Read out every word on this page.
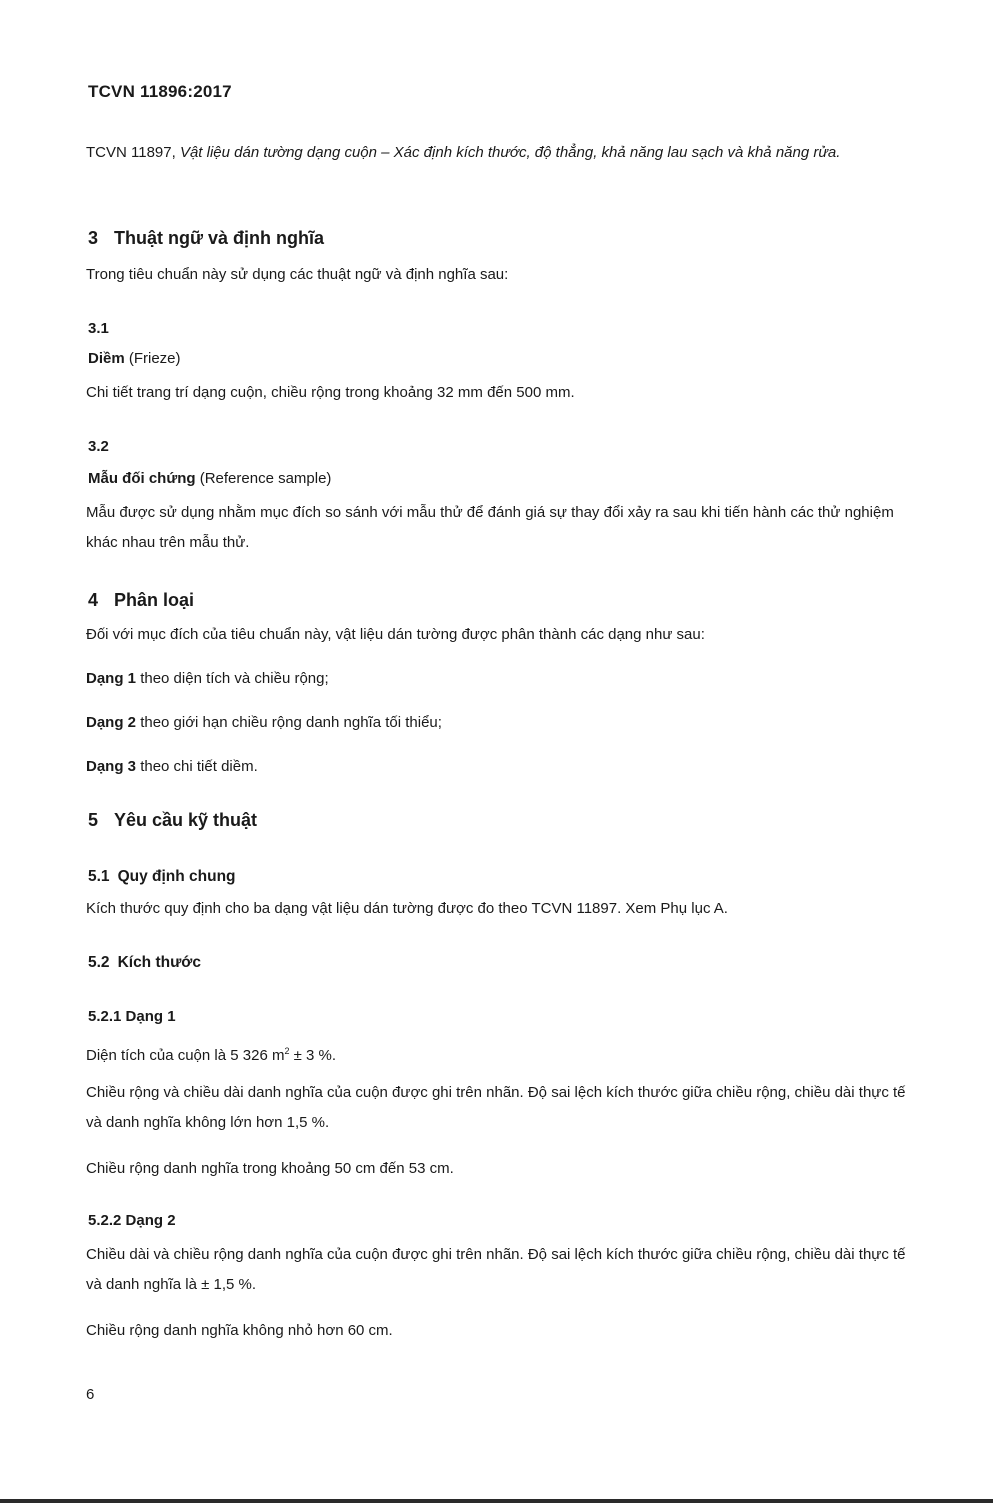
TCVN 11896:2017

TCVN 11897, Vật liệu dán tường dạng cuộn – Xác định kích thước, độ thẳng, khả năng lau sạch và khả năng rửa.

3 Thuật ngữ và định nghĩa

Trong tiêu chuẩn này sử dụng các thuật ngữ và định nghĩa sau:

3.1
Diềm (Frieze)

Chi tiết trang trí dạng cuộn, chiều rộng trong khoảng 32 mm đến 500 mm.

3.2
Mẫu đối chứng (Reference sample)

Mẫu được sử dụng nhằm mục đích so sánh với mẫu thử để đánh giá sự thay đổi xảy ra sau khi tiến hành các thử nghiệm khác nhau trên mẫu thử.

4 Phân loại

Đối với mục đích của tiêu chuẩn này, vật liệu dán tường được phân thành các dạng như sau:

Dạng 1 theo diện tích và chiều rộng;

Dạng 2 theo giới hạn chiều rộng danh nghĩa tối thiểu;

Dạng 3 theo chi tiết diềm.

5 Yêu cầu kỹ thuật
5.1 Quy định chung

Kích thước quy định cho ba dạng vật liệu dán tường được đo theo TCVN 11897. Xem Phụ lục A.

5.2 Kích thước
5.2.1 Dạng 1

Diện tích của cuộn là 5 326 $m^2 \pm 3$ %.

Chiều rộng và chiều dài danh nghĩa của cuộn được ghi trên nhãn. Độ sai lệch kích thước giữa chiều rộng, chiều dài thực tế và danh nghĩa không lớn hơn 1,5 %.

Chiều rộng danh nghĩa trong khoảng 50 cm đến 53 cm.

5.2.2 Dạng 2

Chiều dài và chiều rộng danh nghĩa của cuộn được ghi trên nhãn. Độ sai lệch kích thước giữa chiều rộng, chiều dài thực tế và danh nghĩa là ± 1,5 %.

Chiều rộng danh nghĩa không nhỏ hơn 60 cm.

6
